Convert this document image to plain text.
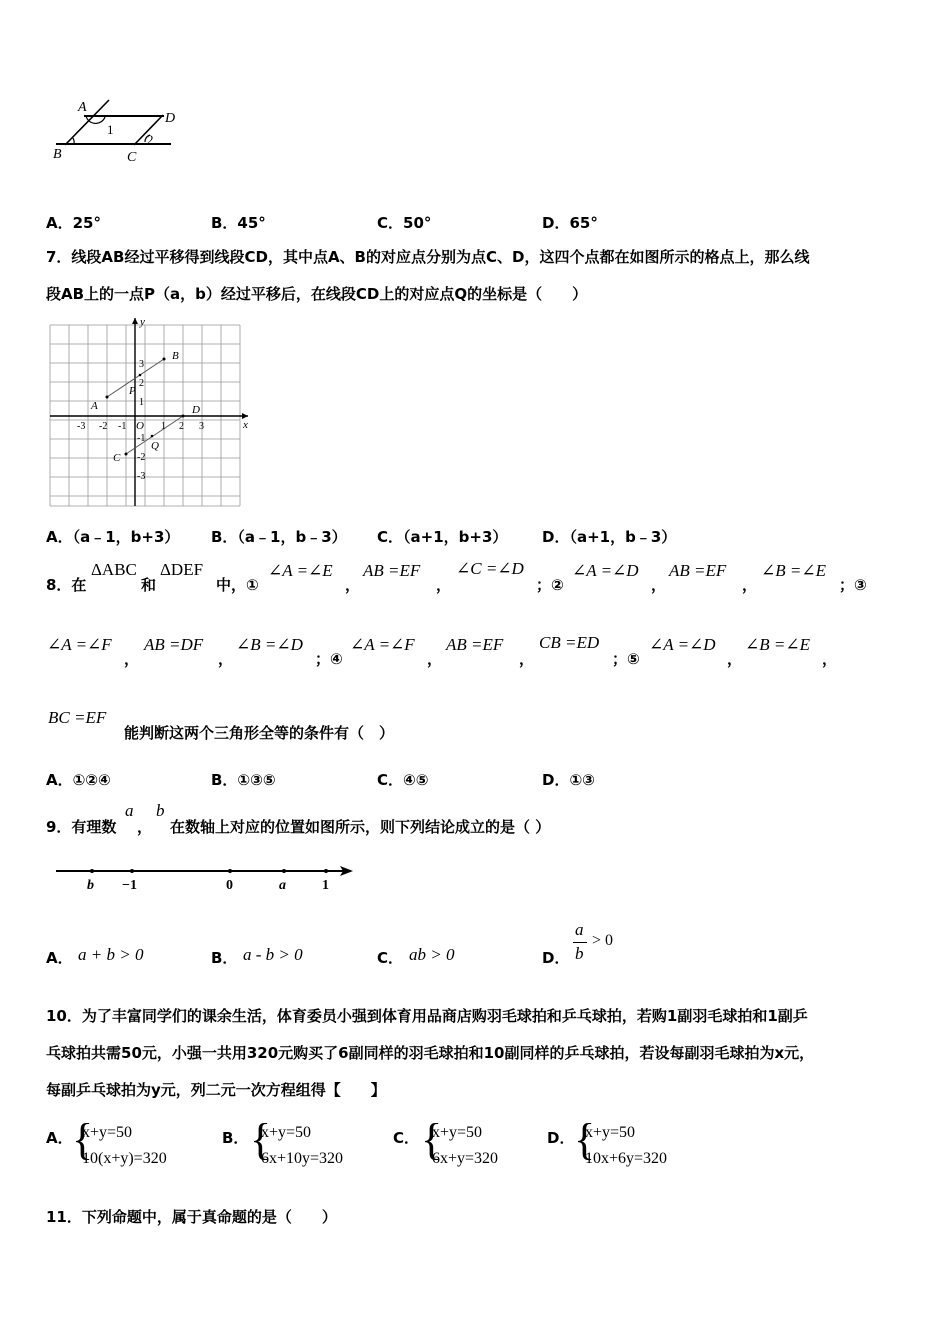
A
D
B	C
1
2
A．25°	B．45°	C．50°	D．65°
7．线段AB经过平移得到线段CD，其中点A、B的对应点分别为点C、D，这四个点都在如图所示的格点上，那么线
段AB上的一点P（a，b）经过平移后，在线段CD上的对应点Q的坐标是（　　）
y
x
O
A
B
C
D
P
Q
-3 -2 -1	1 2 3
3
2
1
-1
-2
-3
A．（a﹣1，b+3） B．（a﹣1，b﹣3） C．（a+1，b+3） D．（a+1，b﹣3）
8．在
ΔABC
和
ΔDEF
中，①
∠A =∠E
，
AB =EF
，
∠C =∠D
；②
∠A =∠D
，
AB =EF
，
∠B =∠E
；③
∠A =∠F
，
AB =DF
，
∠B =∠D
；④
∠A =∠F
，
AB =EF
，
CB =ED
；⑤
∠A =∠D
，
∠B =∠E
，
BC =EF
能判断这两个三角形全等的条件有（　）
A．①②④	B．①③⑤	C．④⑤	D．①③
9．有理数
a
，
b
在数轴上对应的位置如图所示，则下列结论成立的是（ ）
b −1	0	a	1
A． a + b > 0	B． a - b > 0	C． ab > 0	D．
a
b
> 0
10．为了丰富同学们的课余生活，体育委员小强到体育用品商店购羽毛球拍和乒乓球拍，若购1副羽毛球拍和1副乒
乓球拍共需50元，小强一共用320元购买了6副同样的羽毛球拍和10副同样的乒乓球拍，若设每副羽毛球拍为x元，
每副乒乓球拍为y元，列二元一次方程组得【　　】
A． {
x+y=50
10(x+y)=320
B． {
x+y=50
6x+10y=320
C． {
x+y=50
6x+y=320
D． {
x+y=50
10x+6y=320
11．下列命题中，属于真命题的是（　　）
